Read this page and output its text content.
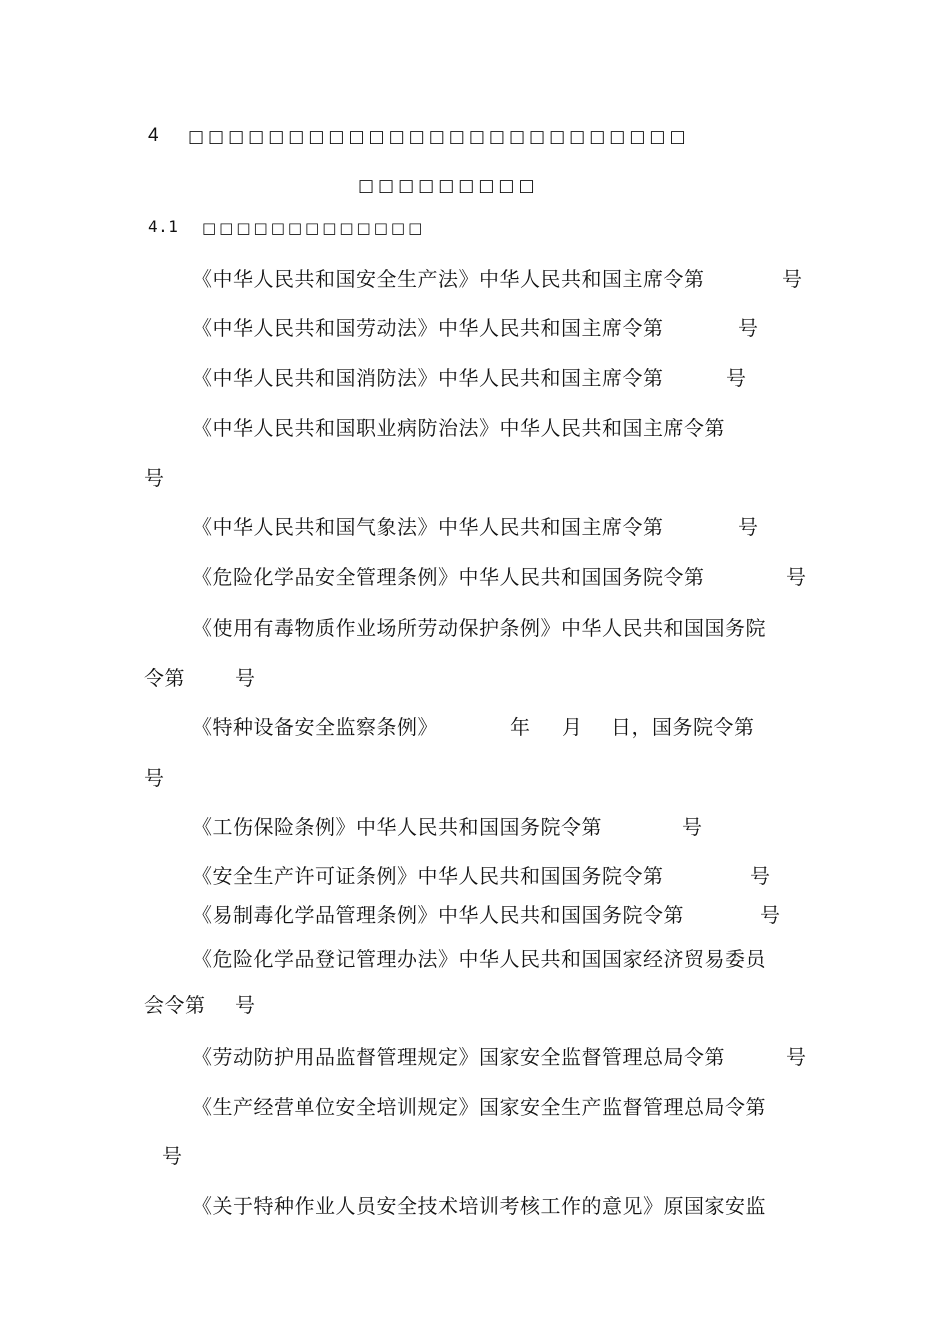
4 □□□□□□□□□□□□□□□□□□□□□□□□□
□□□□□□□□□
4.1 □□□□□□□□□□□□□
《中华人民共和国安全生产法》中华人民共和国主席令第	号
《中华人民共和国劳动法》中华人民共和国主席令第	号
《中华人民共和国消防法》中华人民共和国主席令第	号
《中华人民共和国职业病防治法》中华人民共和国主席令第
号
《中华人民共和国气象法》中华人民共和国主席令第	号
《危险化学品安全管理条例》中华人民共和国国务院令第	号
《使用有毒物质作业场所劳动保护条例》中华人民共和国国务院
令第	号
《特种设备安全监察条例》	年 月 日，国务院令第
号
《工伤保险条例》中华人民共和国国务院令第	号
《安全生产许可证条例》中华人民共和国国务院令第	号
《易制毒化学品管理条例》中华人民共和国国务院令第	号
《危险化学品登记管理办法》中华人民共和国国家经济贸易委员
会令第 号
《劳动防护用品监督管理规定》国家安全监督管理总局令第	号
《生产经营单位安全培训规定》国家安全生产监督管理总局令第
号
《关于特种作业人员安全技术培训考核工作的意见》原国家安监
